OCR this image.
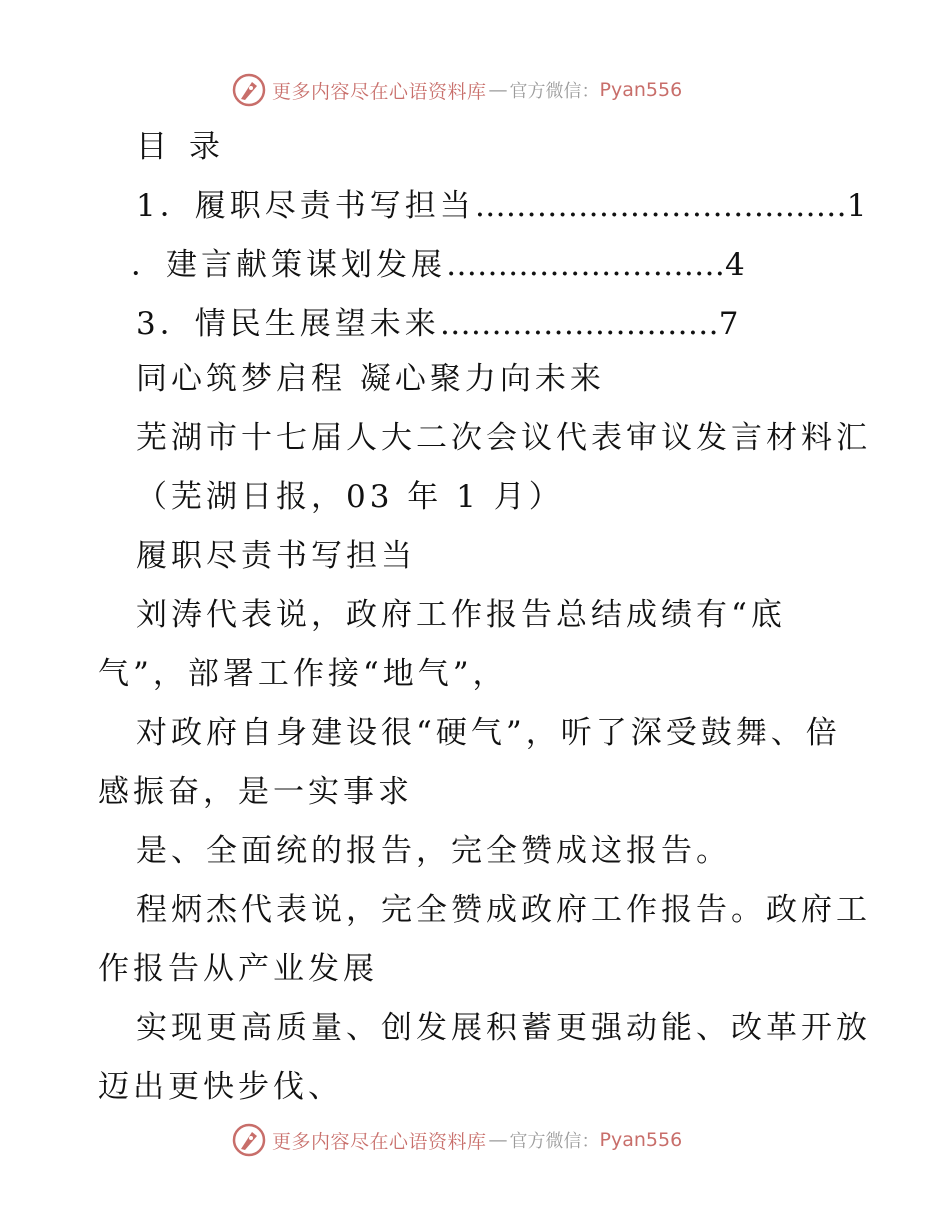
更多内容尽在心语资料库 — 官方微信： Pyan556
目录
1．履职尽责书写担当………………………………1
．建言献策谋划发展………………………4
3．情民生展望未来………………………7
同心筑梦启程 凝心聚力向未来
芜湖市十七届人大二次会议代表审议发言材料汇
（芜湖日报，03 年 1 月）
履职尽责书写担当
刘涛代表说，政府工作报告总结成绩有“底
气”，部署工作接“地气”，
对政府自身建设很“硬气”，听了深受鼓舞、倍
感振奋，是一实事求
是、全面统的报告，完全赞成这报告。
程炳杰代表说，完全赞成政府工作报告。政府工
作报告从产业发展
实现更高质量、创发展积蓄更强动能、改革开放
迈出更快步伐、
更多内容尽在心语资料库 — 官方微信： Pyan556
